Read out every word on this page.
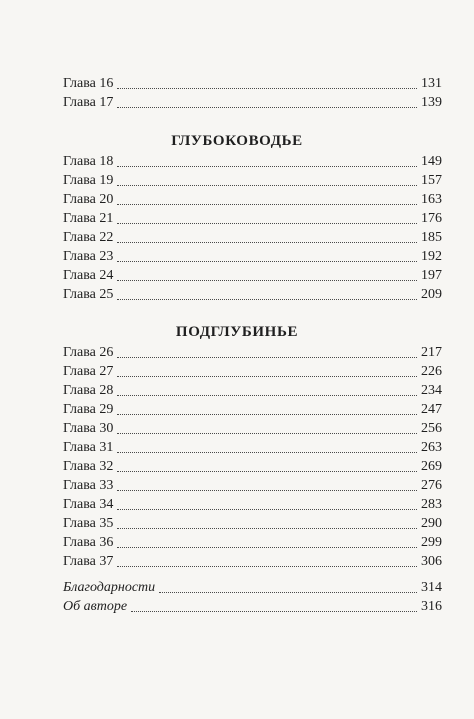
Глава 16	131
Глава 17	139
ГЛУБОКОВОДЬЕ
Глава 18	149
Глава 19	157
Глава 20	163
Глава 21	176
Глава 22	185
Глава 23	192
Глава 24	197
Глава 25	209
ПОДГЛУБИНЬЕ
Глава 26	217
Глава 27	226
Глава 28	234
Глава 29	247
Глава 30	256
Глава 31	263
Глава 32	269
Глава 33	276
Глава 34	283
Глава 35	290
Глава 36	299
Глава 37	306
Благодарности	314
Об авторе	316
